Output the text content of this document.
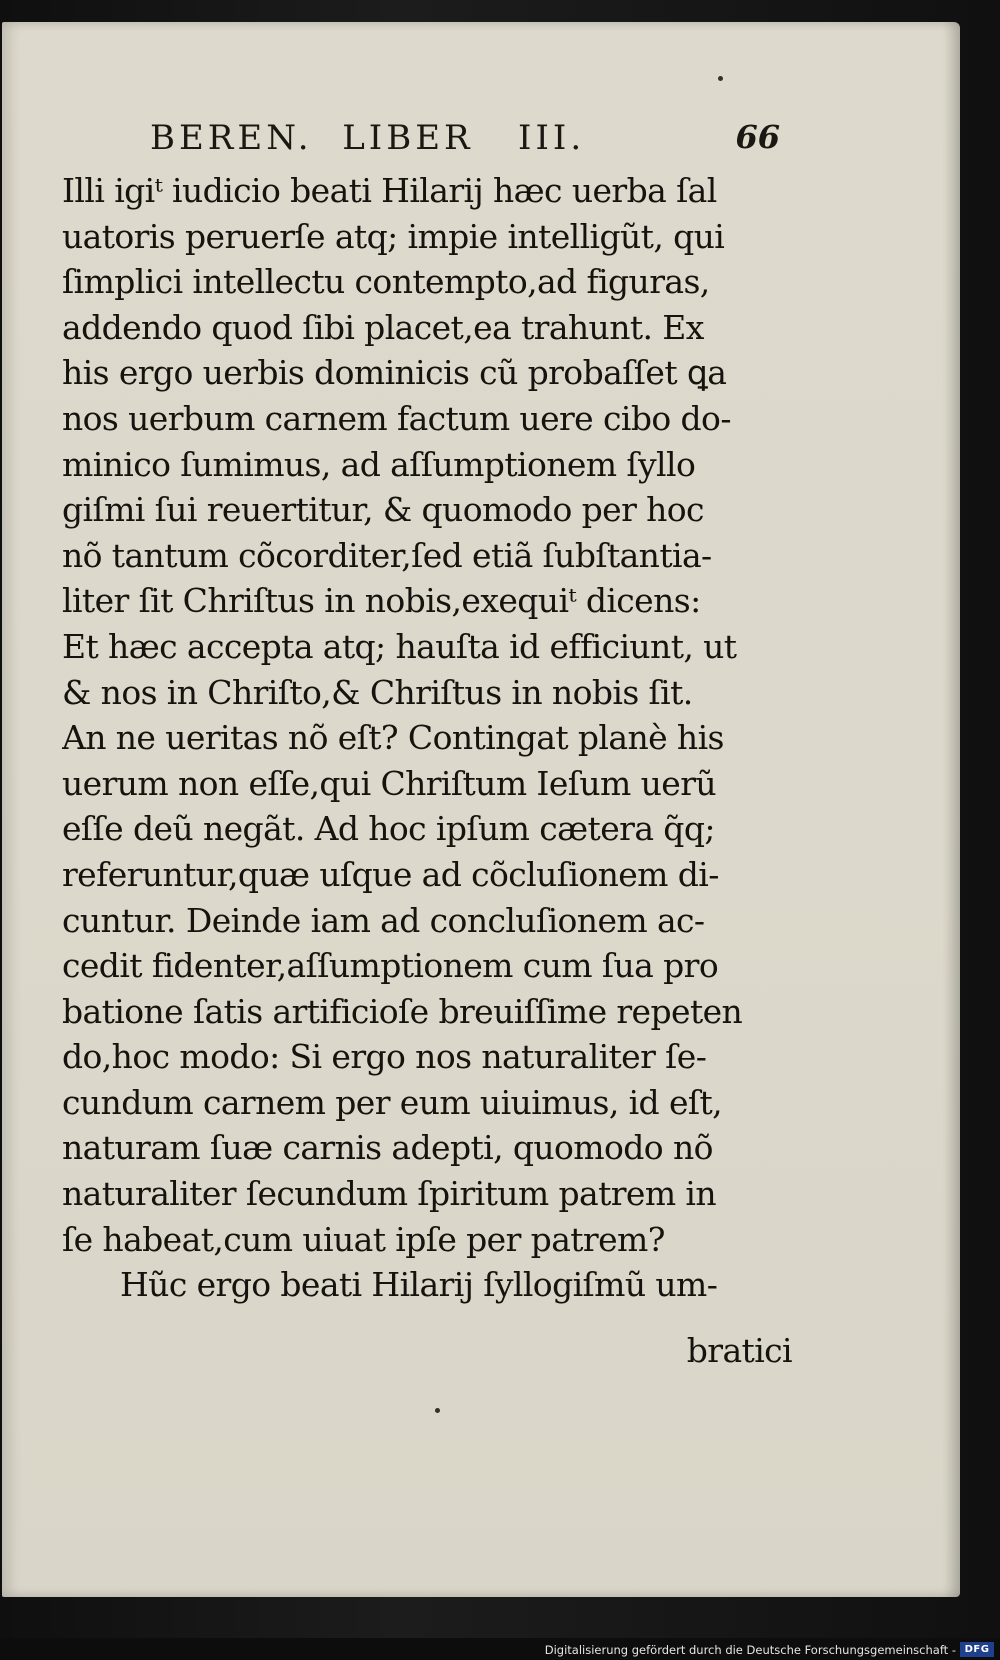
BEREN.  LIBER   III.	66
Illi igiᵗ iudicio beati Hilarij hæc uerba ſal
uatoris peruerſe atq; impie intelligũt, qui
ſimplici intellectu contempto,ad figuras,
addendo quod ſibi placet,ea trahunt. Ex
his ergo uerbis dominicis cũ probaſſet ꝗa
nos uerbum carnem factum uere cibo do-
minico ſumimus, ad aſſumptionem ſyllo
giſmi ſui reuertitur, & quomodo per hoc
nõ tantum cõcorditer,ſed etiã ſubſtantia-
liter ſit Chriſtus in nobis,exequiᵗ dicens:
Et hæc accepta atq; hauſta id efficiunt, ut
& nos in Chriſto,& Chriſtus in nobis ſit.
An ne ueritas nõ eſt? Contingat planè his
uerum non eſſe,qui Chriſtum Ieſum uerũ
eſſe deũ negãt. Ad hoc ipſum cætera q̃q;
referuntur,quæ uſque ad cõcluſionem di-
cuntur. Deinde iam ad concluſionem ac-
cedit fidenter,aſſumptionem cum ſua pro
batione ſatis artificioſe breuiſſime repeten
do,hoc modo: Si ergo nos naturaliter ſe-
cundum carnem per eum uiuimus, id eſt,
naturam ſuæ carnis adepti, quomodo nõ
naturaliter ſecundum ſpiritum patrem in
ſe habeat,cum uiuat ipſe per patrem?
Hũc ergo beati Hilarij ſyllogiſmũ um-
bratici
Digitalisierung gefördert durch die Deutsche Forschungsgemeinschaft - DFG
